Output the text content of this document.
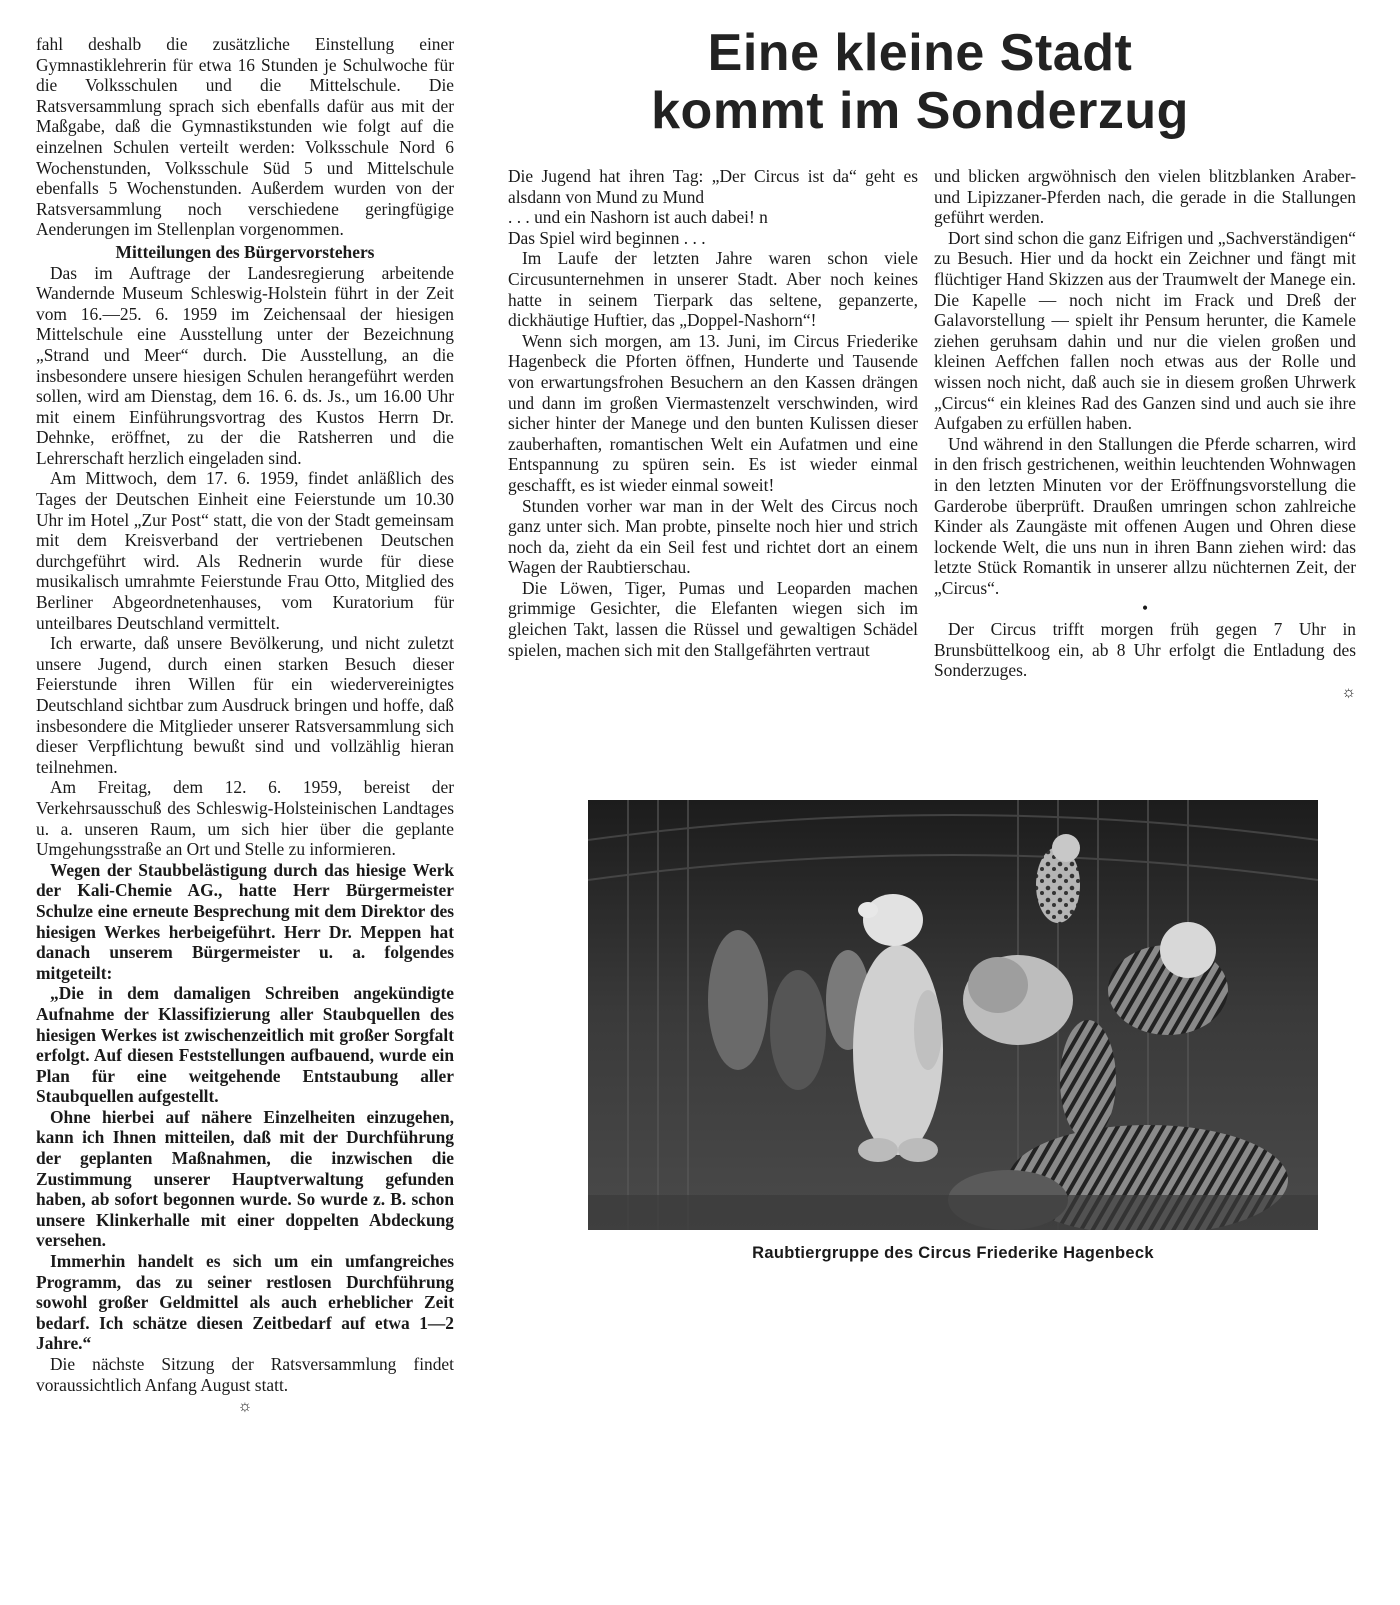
fahl deshalb die zusätzliche Einstellung einer Gymnastiklehrerin für etwa 16 Stunden je Schulwoche für die Volksschulen und die Mittelschule. Die Ratsversammlung sprach sich ebenfalls dafür aus mit der Maßgabe, daß die Gymnastikstunden wie folgt auf die einzelnen Schulen verteilt werden: Volksschule Nord 6 Wochenstunden, Volksschule Süd 5 und Mittelschule ebenfalls 5 Wochenstunden. Außerdem wurden von der Ratsversammlung noch verschiedene geringfügige Aenderungen im Stellenplan vorgenommen.

Mitteilungen des Bürgervorstehers

Das im Auftrage der Landesregierung arbeitende Wandernde Museum Schleswig-Holstein führt in der Zeit vom 16.—25. 6. 1959 im Zeichensaal der hiesigen Mittelschule eine Ausstellung unter der Bezeichnung „Strand und Meer“ durch. Die Ausstellung, an die insbesondere unsere hiesigen Schulen herangeführt werden sollen, wird am Dienstag, dem 16. 6. ds. Js., um 16.00 Uhr mit einem Einführungsvortrag des Kustos Herrn Dr. Dehnke, eröffnet, zu der die Ratsherren und die Lehrerschaft herzlich eingeladen sind.

Am Mittwoch, dem 17. 6. 1959, findet anläßlich des Tages der Deutschen Einheit eine Feierstunde um 10.30 Uhr im Hotel „Zur Post“ statt, die von der Stadt gemeinsam mit dem Kreisverband der vertriebenen Deutschen durchgeführt wird. Als Rednerin wurde für diese musikalisch umrahmte Feierstunde Frau Otto, Mitglied des Berliner Abgeordnetenhauses, vom Kuratorium für unteilbares Deutschland vermittelt.

Ich erwarte, daß unsere Bevölkerung, und nicht zuletzt unsere Jugend, durch einen starken Besuch dieser Feierstunde ihren Willen für ein wiedervereinigtes Deutschland sichtbar zum Ausdruck bringen und hoffe, daß insbesondere die Mitglieder unserer Ratsversammlung sich dieser Verpflichtung bewußt sind und vollzählig hieran teilnehmen.

Am Freitag, dem 12. 6. 1959, bereist der Verkehrsausschuß des Schleswig-Holsteinischen Landtages u. a. unseren Raum, um sich hier über die geplante Umgehungsstraße an Ort und Stelle zu informieren.

Wegen der Staubbelästigung durch das hiesige Werk der Kali-Chemie AG., hatte Herr Bürgermeister Schulze eine erneute Besprechung mit dem Direktor des hiesigen Werkes herbeigeführt. Herr Dr. Meppen hat danach unserem Bürgermeister u. a. folgendes mitgeteilt:

„Die in dem damaligen Schreiben angekündigte Aufnahme der Klassifizierung aller Staubquellen des hiesigen Werkes ist zwischenzeitlich mit großer Sorgfalt erfolgt. Auf diesen Feststellungen aufbauend, wurde ein Plan für eine weitgehende Entstaubung aller Staubquellen aufgestellt.

Ohne hierbei auf nähere Einzelheiten einzugehen, kann ich Ihnen mitteilen, daß mit der Durchführung der geplanten Maßnahmen, die inzwischen die Zustimmung unserer Hauptverwaltung gefunden haben, ab sofort begonnen wurde. So wurde z. B. schon unsere Klinkerhalle mit einer doppelten Abdeckung versehen.

Immerhin handelt es sich um ein umfangreiches Programm, das zu seiner restlosen Durchführung sowohl großer Geldmittel als auch erheblicher Zeit bedarf. Ich schätze diesen Zeitbedarf auf etwa 1—2 Jahre.“

Die nächste Sitzung der Ratsversammlung findet voraussichtlich Anfang August statt.

☼

Eine kleine Stadt
kommt im Sonderzug

Die Jugend hat ihren Tag: „Der Circus ist da“ geht es alsdann von Mund zu Mund

. . . und ein Nashorn ist auch dabei! n

Das Spiel wird beginnen . . .

Im Laufe der letzten Jahre waren schon viele Circusunternehmen in unserer Stadt. Aber noch keines hatte in seinem Tierpark das seltene, gepanzerte, dickhäutige Huftier, das „Doppel-Nashorn“!

Wenn sich morgen, am 13. Juni, im Circus Friederike Hagenbeck die Pforten öffnen, Hunderte und Tausende von erwartungsfrohen Besuchern an den Kassen drängen und dann im großen Viermastenzelt verschwinden, wird sicher hinter der Manege und den bunten Kulissen dieser zauberhaften, romantischen Welt ein Aufatmen und eine Entspannung zu spüren sein. Es ist wieder einmal geschafft, es ist wieder einmal soweit!

Stunden vorher war man in der Welt des Circus noch ganz unter sich. Man probte, pinselte noch hier und strich noch da, zieht da ein Seil fest und richtet dort an einem Wagen der Raubtierschau.

Die Löwen, Tiger, Pumas und Leoparden machen grimmige Gesichter, die Elefanten wiegen sich im gleichen Takt, lassen die Rüssel und gewaltigen Schädel spielen, machen sich mit den Stallgefährten vertraut

und blicken argwöhnisch den vielen blitzblanken Araber- und Lipizzaner-Pferden nach, die gerade in die Stallungen geführt werden.

Dort sind schon die ganz Eifrigen und „Sachverständigen“ zu Besuch. Hier und da hockt ein Zeichner und fängt mit flüchtiger Hand Skizzen aus der Traumwelt der Manege ein. Die Kapelle — noch nicht im Frack und Dreß der Galavorstellung — spielt ihr Pensum herunter, die Kamele ziehen geruhsam dahin und nur die vielen großen und kleinen Aeffchen fallen noch etwas aus der Rolle und wissen noch nicht, daß auch sie in diesem großen Uhrwerk „Circus“ ein kleines Rad des Ganzen sind und auch sie ihre Aufgaben zu erfüllen haben.

Und während in den Stallungen die Pferde scharren, wird in den frisch gestrichenen, weithin leuchtenden Wohnwagen in den letzten Minuten vor der Eröffnungsvorstellung die Garderobe überprüft. Draußen umringen schon zahlreiche Kinder als Zaungäste mit offenen Augen und Ohren diese lockende Welt, die uns nun in ihren Bann ziehen wird: das letzte Stück Romantik in unserer allzu nüchternen Zeit, der „Circus“.

•

Der Circus trifft morgen früh gegen 7 Uhr in Brunsbüttelkoog ein, ab 8 Uhr erfolgt die Entladung des Sonderzuges.

☼

Raubtiergruppe des Circus Friederike Hagenbeck
